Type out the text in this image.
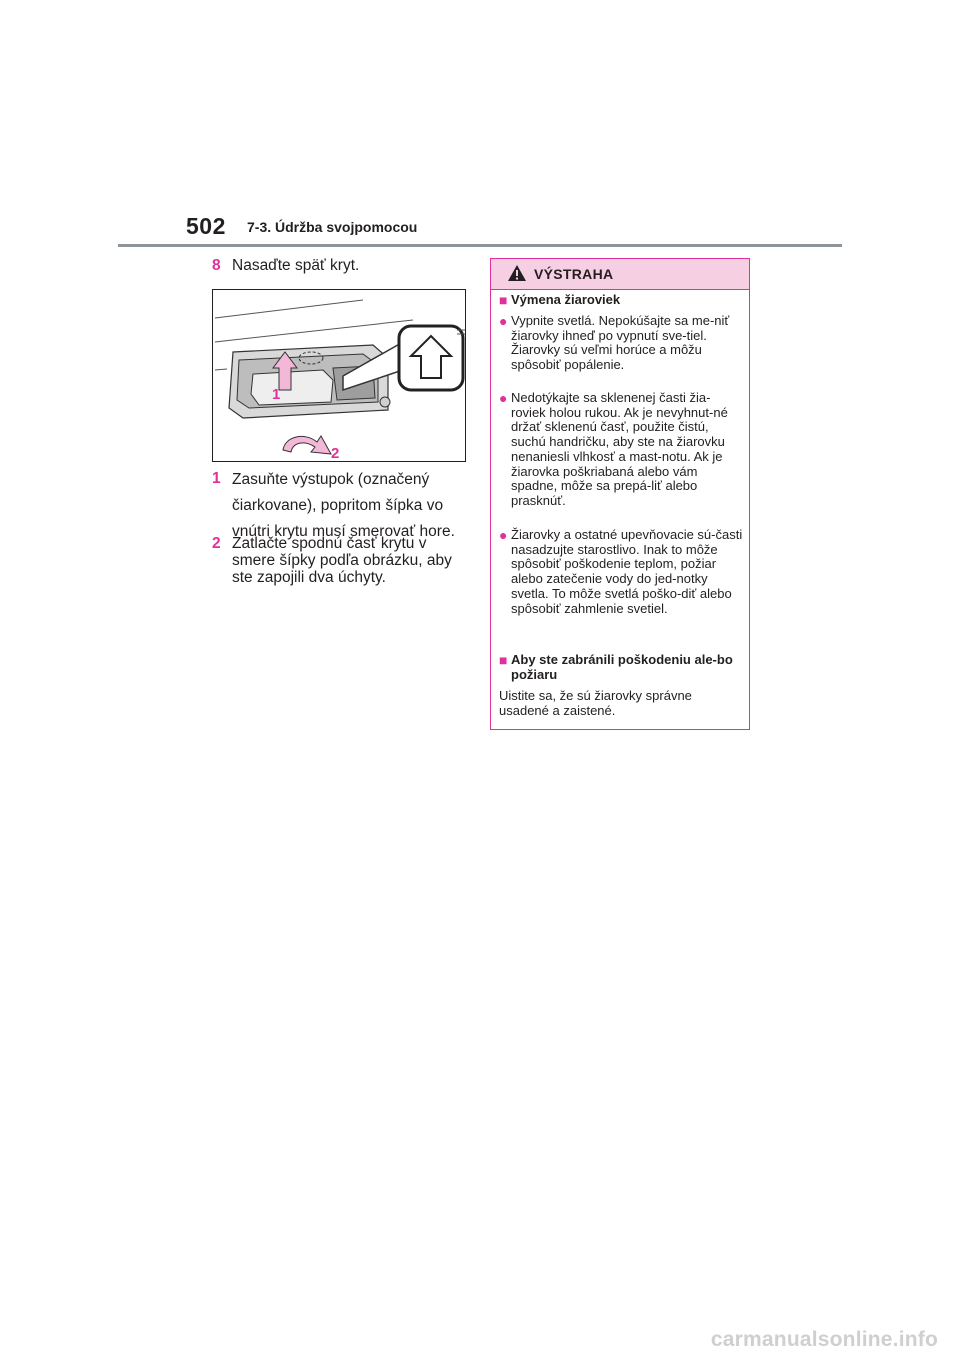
502 7-3. Údržba svojpomocou
8 Nasaďte späť kryt.
1
2
1 Zasuňte výstupok (označený čiarkovane), popritom šípka vo vnútri krytu musí smerovať hore.
2 Zatlačte spodnú časť krytu v smere šípky podľa obrázku, aby ste zapojili dva úchyty.
VÝSTRAHA
■ Výmena žiaroviek
● Vypnite svetlá. Nepokúšajte sa me-niť žiarovky ihneď po vypnutí sve-tiel. Žiarovky sú veľmi horúce a môžu spôsobiť popálenie.
● Nedotýkajte sa sklenenej časti žia-roviek holou rukou. Ak je nevyhnut-né držať sklenenú časť, použite čistú, suchú handričku, aby ste na žiarovku nenaniesli vlhkosť a mast-notu. Ak je žiarovka poškriabaná alebo vám spadne, môže sa prepá-liť alebo prasknúť.
● Žiarovky a ostatné upevňovacie sú-časti nasadzujte starostlivo. Inak to môže spôsobiť poškodenie teplom, požiar alebo zatečenie vody do jed-notky svetla. To môže svetlá poško-diť alebo spôsobiť zahmlenie svetiel.
■ Aby ste zabránili poškodeniu ale-bo požiaru
Uistite sa, že sú žiarovky správne usadené a zaistené.
carmanualsonline.info
